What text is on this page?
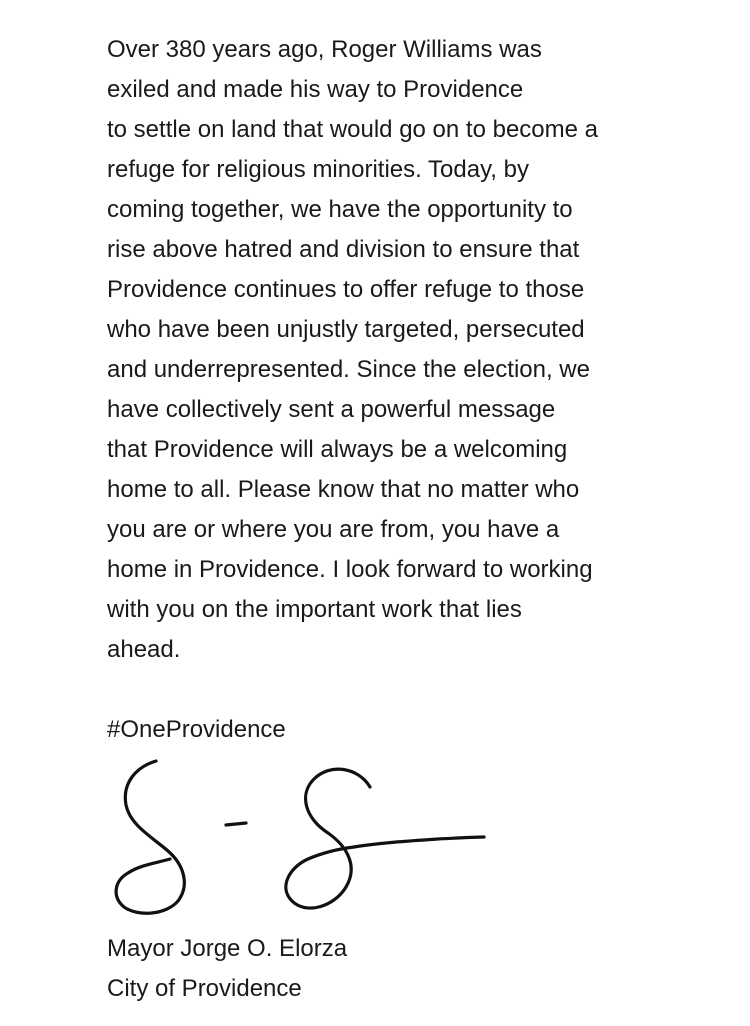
Over 380 years ago, Roger Williams was
exiled and made his way to Providence
to settle on land that would go on to become a
refuge for religious minorities. Today, by
coming together, we have the opportunity to
rise above hatred and division to ensure that
Providence continues to offer refuge to those
who have been unjustly targeted, persecuted
and underrepresented. Since the election, we
have collectively sent a powerful message
that Providence will always be a welcoming
home to all. Please know that no matter who
you are or where you are from, you have a
home in Providence. I look forward to working
with you on the important work that lies
ahead.
#OneProvidence
Mayor Jorge O. Elorza
City of Providence
